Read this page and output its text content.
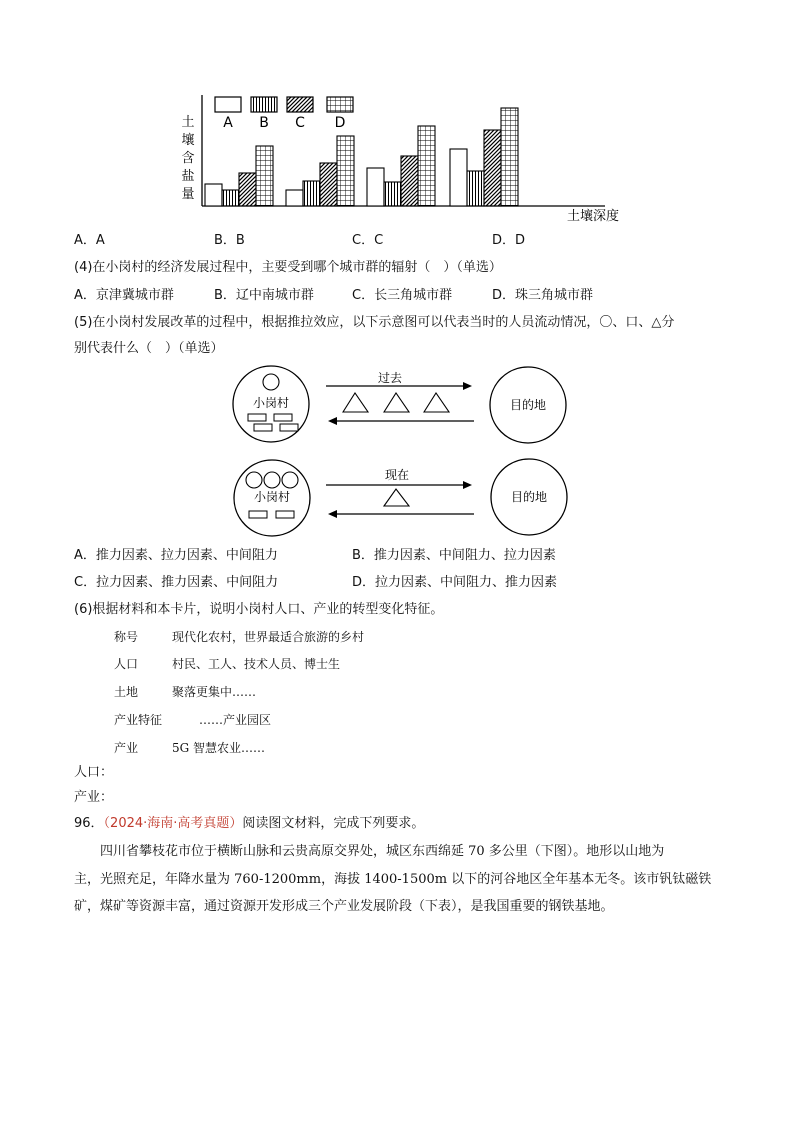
土壤含盐量
土壤深度
A B C D
A．A	B．B	C．C	D．D
(4)在小岗村的经济发展过程中，主要受到哪个城市群的辐射（　）（单选）
A．京津冀城市群	B．辽中南城市群	C．长三角城市群	D．珠三角城市群
(5)在小岗村发展改革的过程中，根据推拉效应，以下示意图可以代表当时的人员流动情况，〇、口、△分
别代表什么（　）（单选）
小岗村
过去
目的地
小岗村
现在
目的地
A．推力因素、拉力因素、中间阻力	B．推力因素、中间阻力、拉力因素
C．拉力因素、推力因素、中间阻力	D．拉力因素、中间阻力、推力因素
(6)根据材料和本卡片，说明小岗村人口、产业的转型变化特征。
称号	现代化农村，世界最适合旅游的乡村
人口	村民、工人、技术人员、博士生
土地	聚落更集中……
产业特征	……产业园区
产业	5G 智慧农业……
人口：
产业：
96．（2024·海南·高考真题）阅读图文材料，完成下列要求。
四川省攀枝花市位于横断山脉和云贵高原交界处，城区东西绵延 70 多公里（下图）。地形以山地为
主，光照充足，年降水量为 760-1200mm，海拔 1400-1500m 以下的河谷地区全年基本无冬。该市钒钛磁铁
矿，煤矿等资源丰富，通过资源开发形成三个产业发展阶段（下表），是我国重要的钢铁基地。
